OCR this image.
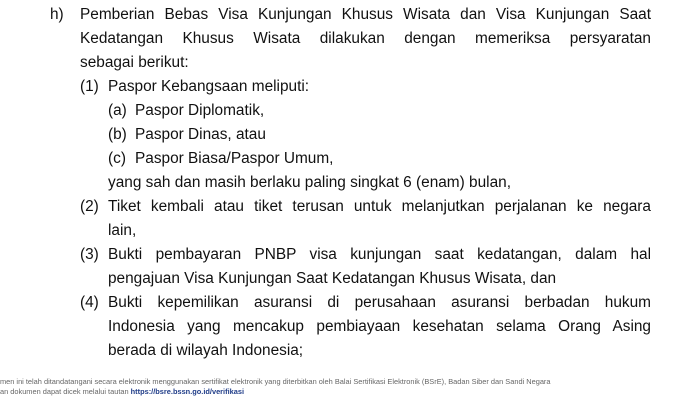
h) Pemberian Bebas Visa Kunjungan Khusus Wisata dan Visa Kunjungan Saat
Kedatangan Khusus Wisata dilakukan dengan memeriksa persyaratan
sebagai berikut:
(1) Paspor Kebangsaan meliputi:
(a) Paspor Diplomatik,
(b) Paspor Dinas, atau
(c) Paspor Biasa/Paspor Umum,
yang sah dan masih berlaku paling singkat 6 (enam) bulan,
(2) Tiket kembali atau tiket terusan untuk melanjutkan perjalanan ke negara
lain,
(3) Bukti pembayaran PNBP visa kunjungan saat kedatangan, dalam hal
pengajuan Visa Kunjungan Saat Kedatangan Khusus Wisata, dan
(4) Bukti kepemilikan asuransi di perusahaan asuransi berbadan hukum
Indonesia yang mencakup pembiayaan kesehatan selama Orang Asing
berada di wilayah Indonesia;
men ini telah ditandatangani secara elektronik menggunakan sertifikat elektronik yang diterbitkan oleh Balai Sertifikasi Elektronik (BSrE), Badan Siber dan Sandi Negara
an dokumen dapat dicek melalui tautan https://bsre.bssn.go.id/verifikasi
